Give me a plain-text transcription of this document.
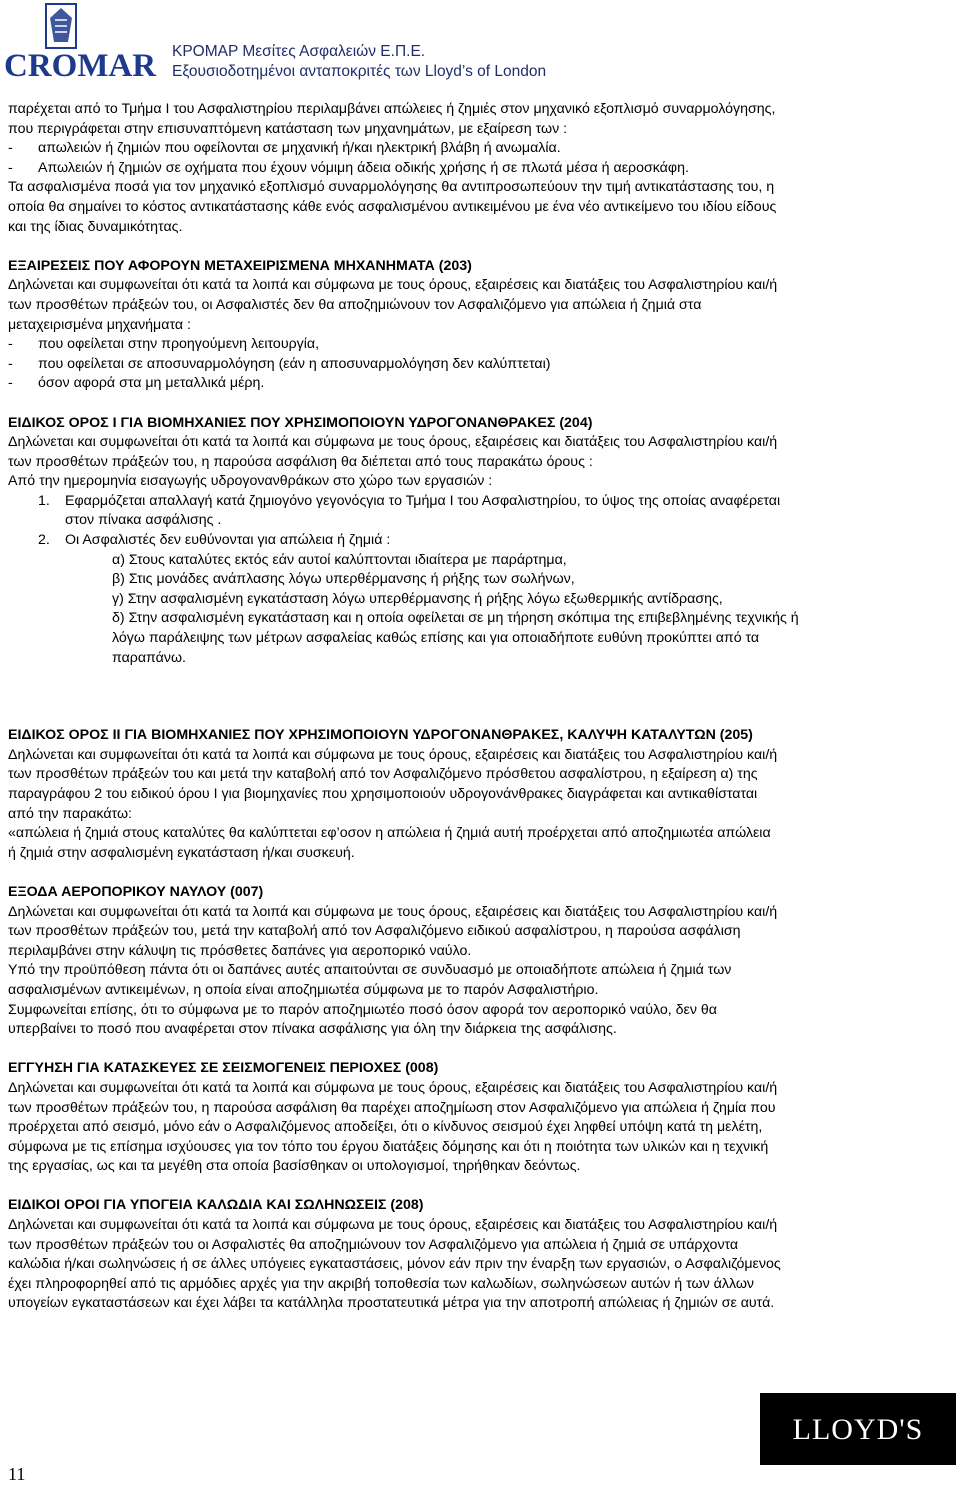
CROMAR ΚΡΟΜΑΡ Μεσίτες Ασφαλειών Ε.Π.Ε.
Εξουσιοδοτημένοι ανταποκριτές των Lloyd’s of London

παρέχεται από το Τμήμα Ι του Ασφαλιστηρίου περιλαμβάνει απώλειες ή ζημιές στον μηχανικό εξοπλισμό συναρμολόγησης,

που περιγράφεται στην επισυναπτόμενη κατάσταση των μηχανημάτων, με εξαίρεση των :

- απωλειών ή ζημιών που οφείλονται σε μηχανική ή/και ηλεκτρική βλάβη ή ανωμαλία.

- Απωλειών ή ζημιών σε οχήματα που έχουν νόμιμη άδεια οδικής χρήσης ή σε πλωτά μέσα ή αεροσκάφη.

Τα ασφαλισμένα ποσά για τον μηχανικό εξοπλισμό συναρμολόγησης θα αντιπροσωπεύουν την τιμή αντικατάστασης του, η

οποία θα σημαίνει το κόστος αντικατάστασης κάθε ενός ασφαλισμένου αντικειμένου με ένα νέο αντικείμενο του ιδίου είδους

και της ίδιας δυναμικότητας.

ΕΞΑΙΡΕΣΕΙΣ ΠΟΥ ΑΦΟΡΟΥΝ ΜΕΤΑΧΕΙΡΙΣΜΕΝΑ ΜΗΧΑΝΗΜΑΤΑ (203)

Δηλώνεται και συμφωνείται ότι κατά τα λοιπά και σύμφωνα με τους όρους, εξαιρέσεις και διατάξεις του Ασφαλιστηρίου και/ή

των προσθέτων πράξεών του, οι Ασφαλιστές δεν θα αποζημιώνουν τον Ασφαλιζόμενο για απώλεια ή ζημιά στα

μεταχειρισμένα μηχανήματα :

- που οφείλεται στην προηγούμενη λειτουργία,

- που οφείλεται σε αποσυναρμολόγηση (εάν η αποσυναρμολόγηση δεν καλύπτεται)

- όσον αφορά στα μη μεταλλικά μέρη.

ΕΙΔΙΚΟΣ ΟΡΟΣ Ι ΓΙΑ ΒΙΟΜΗΧΑΝΙΕΣ ΠΟΥ ΧΡΗΣΙΜΟΠΟΙΟΥΝ ΥΔΡΟΓΟΝΑΝΘΡΑΚΕΣ (204)

Δηλώνεται και συμφωνείται ότι κατά τα λοιπά και σύμφωνα με τους όρους, εξαιρέσεις και διατάξεις του Ασφαλιστηρίου και/ή

των προσθέτων πράξεών του, η παρούσα ασφάλιση θα διέπεται από τους παρακάτω όρους :

Από την ημερομηνία εισαγωγής υδρογονανθράκων στο χώρο των εργασιών :

1. Εφαρμόζεται απαλλαγή κατά ζημιογόνο γεγονόςγια το Τμήμα Ι του Ασφαλιστηρίου, το ύψος της οποίας αναφέρεται

στον πίνακα ασφάλισης .

2. Οι Ασφαλιστές δεν ευθύνονται για απώλεια ή ζημιά :

α) Στους καταλύτες εκτός εάν αυτοί καλύπτονται ιδιαίτερα με παράρτημα,

β) Στις μονάδες ανάπλασης λόγω υπερθέρμανσης ή ρήξης των σωλήνων,

γ) Στην ασφαλισμένη εγκατάσταση λόγω υπερθέρμανσης ή ρήξης λόγω εξωθερμικής αντίδρασης,

δ) Στην ασφαλισμένη εγκατάσταση και η οποία οφείλεται σε μη τήρηση σκόπιμα της επιβεβλημένης τεχνικής ή

λόγω παράλειψης των μέτρων ασφαλείας καθώς επίσης και για οποιαδήποτε ευθύνη προκύπτει από τα

παραπάνω.

ΕΙΔΙΚΟΣ ΟΡΟΣ ΙΙ ΓΙΑ ΒΙΟΜΗΧΑΝΙΕΣ ΠΟΥ ΧΡΗΣΙΜΟΠΟΙΟΥΝ ΥΔΡΟΓΟΝΑΝΘΡΑΚΕΣ, ΚΑΛΥΨΗ ΚΑΤΑΛΥΤΩΝ (205)

Δηλώνεται και συμφωνείται ότι κατά τα λοιπά και σύμφωνα με τους όρους, εξαιρέσεις και διατάξεις του Ασφαλιστηρίου και/ή

των προσθέτων πράξεών του και μετά την καταβολή από τον Ασφαλιζόμενο πρόσθετου ασφαλίστρου, η εξαίρεση α) της

παραγράφου 2 του ειδικού όρου Ι για βιομηχανίες που χρησιμοποιούν υδρογονάνθρακες διαγράφεται και αντικαθίσταται

από την παρακάτω:

«απώλεια ή ζημιά στους καταλύτες θα καλύπτεται εφ’οσον η απώλεια ή ζημιά αυτή προέρχεται από αποζημιωτέα απώλεια

ή ζημιά στην ασφαλισμένη εγκατάσταση ή/και συσκευή.

ΕΞΟΔΑ ΑΕΡΟΠΟΡΙΚΟΥ ΝΑΥΛΟΥ (007)

Δηλώνεται και συμφωνείται ότι κατά τα λοιπά και σύμφωνα με τους όρους, εξαιρέσεις και διατάξεις του Ασφαλιστηρίου και/ή

των προσθέτων πράξεών του, μετά την καταβολή από τον Ασφαλιζόμενο ειδικού ασφαλίστρου, η παρούσα ασφάλιση

περιλαμβάνει στην κάλυψη τις πρόσθετες δαπάνες για αεροπορικό ναύλο.

Υπό την προϋπόθεση πάντα ότι οι δαπάνες αυτές απαιτούνται σε συνδυασμό με οποιαδήποτε απώλεια ή ζημιά των

ασφαλισμένων αντικειμένων, η οποία είναι αποζημιωτέα σύμφωνα με το παρόν Ασφαλιστήριο.

Συμφωνείται επίσης, ότι το σύμφωνα με το παρόν αποζημιωτέο ποσό όσον αφορά τον αεροπορικό ναύλο, δεν θα

υπερβαίνει το ποσό που αναφέρεται στον πίνακα ασφάλισης για όλη την διάρκεια της ασφάλισης.

ΕΓΓΥΗΣΗ ΓΙΑ ΚΑΤΑΣΚΕΥΕΣ ΣΕ ΣΕΙΣΜΟΓΕΝΕΙΣ ΠΕΡΙΟΧΕΣ (008)

Δηλώνεται και συμφωνείται ότι κατά τα λοιπά και σύμφωνα με τους όρους, εξαιρέσεις και διατάξεις του Ασφαλιστηρίου και/ή

των προσθέτων πράξεών του, η παρούσα ασφάλιση θα παρέχει αποζημίωση στον Ασφαλιζόμενο για απώλεια ή ζημία που

προέρχεται από σεισμό, μόνο εάν ο Ασφαλιζόμενος αποδείξει, ότι ο κίνδυνος σεισμού έχει ληφθεί υπόψη κατά τη μελέτη,

σύμφωνα με τις επίσημα ισχύουσες για τον τόπο του έργου διατάξεις δόμησης και ότι η ποιότητα των υλικών και η τεχνική

της εργασίας, ως και τα μεγέθη στα οποία βασίσθηκαν οι υπολογισμοί, τηρήθηκαν δεόντως.

ΕΙΔΙΚΟΙ ΟΡΟΙ ΓΙΑ ΥΠΟΓΕΙΑ ΚΑΛΩΔΙΑ ΚΑΙ ΣΩΛΗΝΩΣΕΙΣ (208)

Δηλώνεται και συμφωνείται ότι κατά τα λοιπά και σύμφωνα με τους όρους, εξαιρέσεις και διατάξεις του Ασφαλιστηρίου και/ή

των προσθέτων πράξεών του οι Ασφαλιστές θα αποζημιώνουν τον Ασφαλιζόμενο για απώλεια ή ζημιά σε υπάρχοντα

καλώδια ή/και σωληνώσεις ή σε άλλες υπόγειες εγκαταστάσεις, μόνον εάν πριν την έναρξη των εργασιών, ο Ασφαλιζόμενος

έχει πληροφορηθεί από τις αρμόδιες αρχές για την ακριβή τοποθεσία των καλωδίων, σωληνώσεων αυτών ή των άλλων

υπογείων εγκαταστάσεων και έχει λάβει τα κατάλληλα προστατευτικά μέτρα για την αποτροπή απώλειας ή ζημιών σε αυτά.

LLOYD'S
11
